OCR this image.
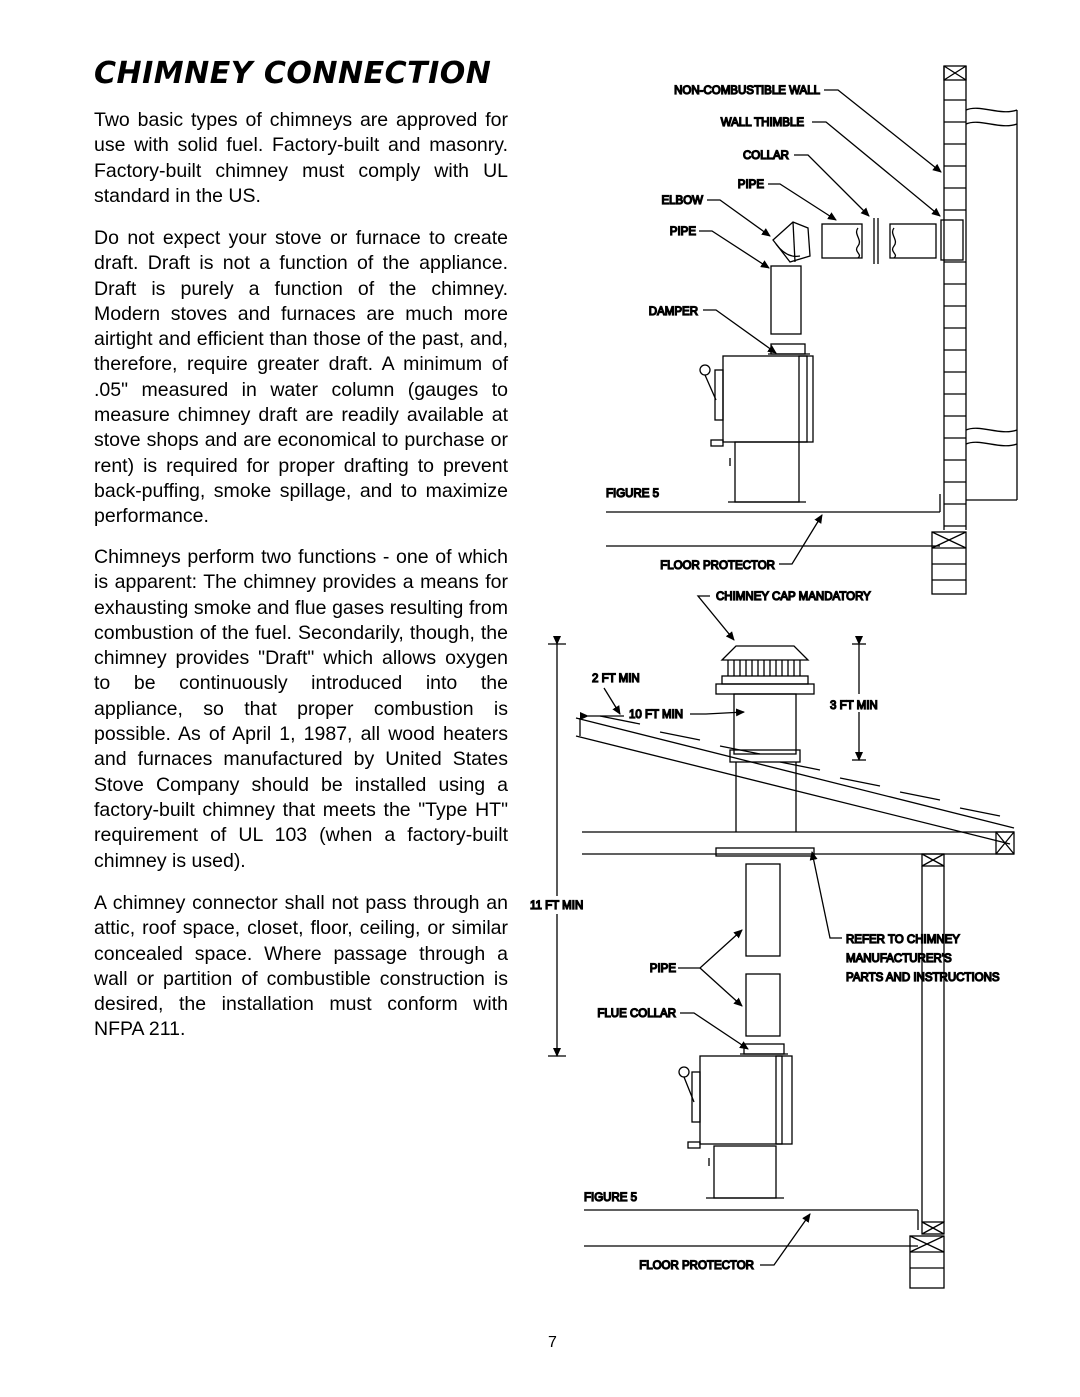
CHIMNEY CONNECTION

Two basic types of chimneys are approved for use with solid fuel. Factory-built and masonry. Factory-built chimney must comply with UL standard in the US.

Do not expect your stove or furnace to create draft. Draft is not a function of the appliance. Draft is purely a function of the chimney. Modern stoves and furnaces are much more airtight and efficient than those of the past, and, therefore, require greater draft. A minimum of .05" measured in water column (gauges to measure chimney draft are readily available at stove shops and are economical to purchase or rent) is required for proper drafting to prevent back-puffing, smoke spillage, and to maximize performance.

Chimneys perform two functions - one of which is apparent: The chimney provides a means for exhausting smoke and flue gases resulting from combustion of the fuel. Secondarily, though, the chimney provides "Draft" which allows oxygen to be continuously introduced into the appliance, so that proper combustion is possible. As of April 1, 1987, all wood heaters and furnaces manufactured by United States Stove Company should be installed using a factory-built chimney that meets the "Type HT" requirement of UL 103 (when a factory-built chimney is used).

A chimney connector shall not pass through an attic, roof space, closet, floor, ceiling, or similar concealed space. Where passage through a wall or partition of combustible construction is desired, the installation must conform with NFPA 211.

7
NON-COMBUSTIBLE WALL
WALL THIMBLE
COLLAR
PIPE
ELBOW
PIPE
DAMPER
FIGURE 5
FLOOR PROTECTOR
CHIMNEY CAP MANDATORY
2 FT MIN
10 FT MIN
3 FT MIN
11 FT MIN
REFER TO CHIMNEY
MANUFACTURER'S
PARTS AND INSTRUCTIONS
PIPE
FLUE COLLAR
FIGURE 5
FLOOR PROTECTOR
